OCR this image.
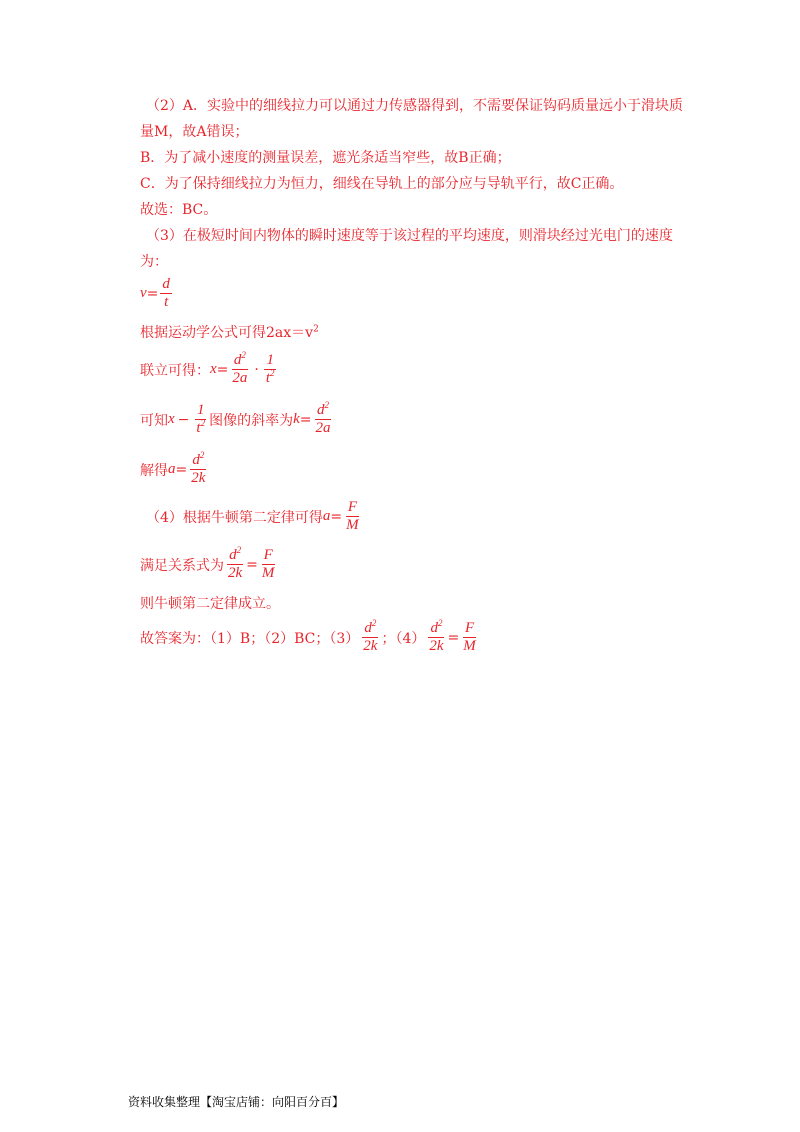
（2）A．实验中的细线拉力可以通过力传感器得到，不需要保证钩码质量远小于滑块质
量M，故A错误；
B．为了减小速度的测量误差，遮光条适当窄些，故B正确；
C．为了保持细线拉力为恒力，细线在导轨上的部分应与导轨平行，故C正确。
故选：BC。
（3）在极短时间内物体的瞬时速度等于该过程的平均速度，则滑块经过光电门的速度
为：
$v = \frac{d}{t}$
根据运动学公式可得$2ax=v^2$
联立可得： $x = \frac{d^2}{2a} \cdot \frac{1}{t^2}$
可知 $x - \frac{1}{t^2}$ 图像的斜率为 $k = \frac{d^2}{2a}$
解得 $a = \frac{d^2}{2k}$
（4）根据牛顿第二定律可得 $a = \frac{F}{M}$
满足关系式为 $\frac{d^2}{2k} = \frac{F}{M}$
则牛顿第二定律成立。
故答案为：（1）B；（2）BC；$(3) \frac{d^2}{2k}$ ；$(4) \frac{d^2}{2k} = \frac{F}{M}$
资料收集整理【淘宝店铺：向阳百分百】
